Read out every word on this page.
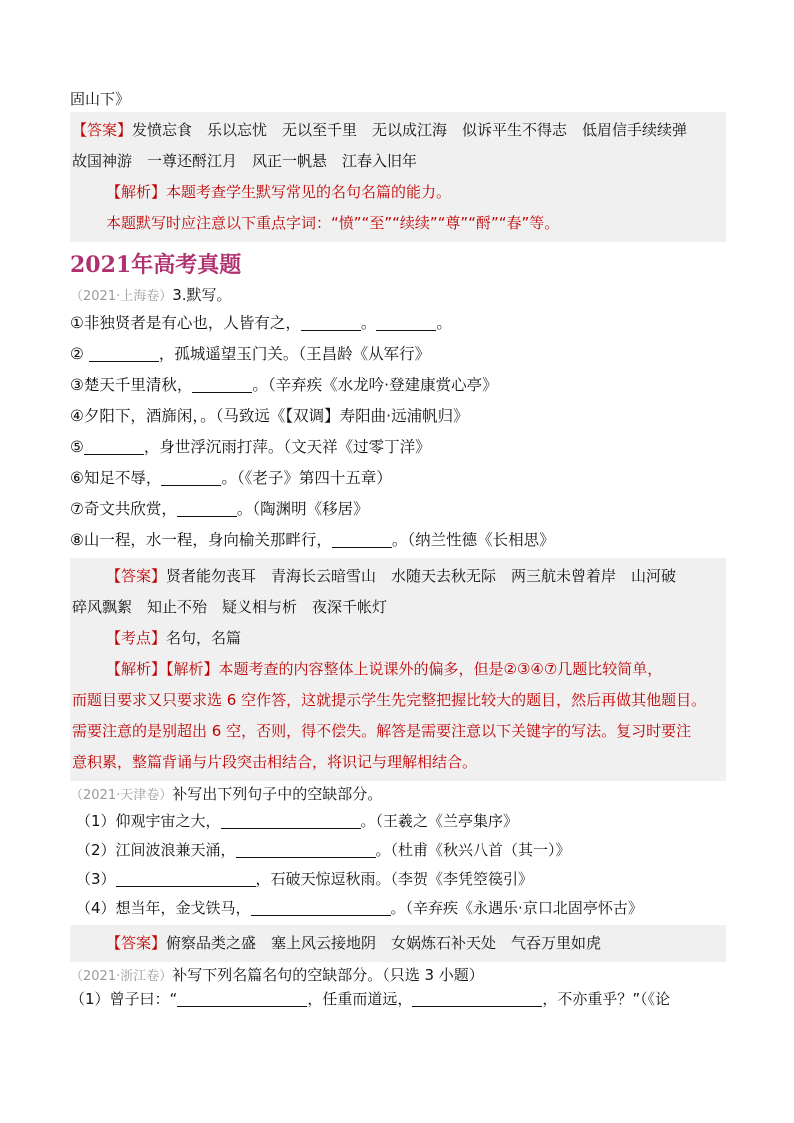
固山下》
【答案】发愤忘食　乐以忘忧　无以至千里　无以成江海　似诉平生不得志　低眉信手续续弹
故国神游　一尊还酹江月　风正一帆悬　江春入旧年
【解析】本题考查学生默写常见的名句名篇的能力。
本题默写时应注意以下重点字词：“愤”“至”“续续”“尊”“酹”“春”等。
2021年高考真题
（2021·上海卷）3.默写。
①非独贤者是有心也，人皆有之，	。	。
②	，孤城遥望玉门关。（王昌龄《从军行》
③楚天千里清秋，	。（辛弃疾《水龙吟·登建康赏心亭》
④夕阳下，酒旆闲，。（马致远《【双调】寿阳曲·远浦帆归》
⑤	，身世浮沉雨打萍。（文天祥《过零丁洋》
⑥知足不辱，	。（《老子》第四十五章）
⑦奇文共欣赏，	。（陶渊明《移居》
⑧山一程，水一程，身向榆关那畔行，	。（纳兰性德《长相思》
【答案】贤者能勿丧耳　青海长云暗雪山　水随天去秋无际　两三航未曾着岸　山河破
碎风飘絮　知止不殆　疑义相与析　夜深千帐灯
【考点】名句，名篇
【解析】【解析】本题考查的内容整体上说课外的偏多，但是②③④⑦几题比较简单，
而题目要求又只要求选 6 空作答，这就提示学生先完整把握比较大的题目，然后再做其他题目。
需要注意的是别超出 6 空，否则，得不偿失。解答是需要注意以下关键字的写法。复习时要注
意积累，整篇背诵与片段突击相结合，将识记与理解相结合。
（2021·天津卷）补写出下列句子中的空缺部分。
（1）仰观宇宙之大，	。（王羲之《兰亭集序》
（2）江间波浪兼天涌，	。（杜甫《秋兴八首（其一）》
（3）	，石破天惊逗秋雨。（李贺《李凭箜篌引》
（4）想当年，金戈铁马，	。（辛弃疾《永遇乐·京口北固亭怀古》
【答案】俯察品类之盛　塞上风云接地阴　女娲炼石补天处　气吞万里如虎
（2021·浙江卷）补写下列名篇名句的空缺部分。（只选 3 小题）
（1）曾子曰：“	，任重而道远，	，不亦重乎？”（《论
